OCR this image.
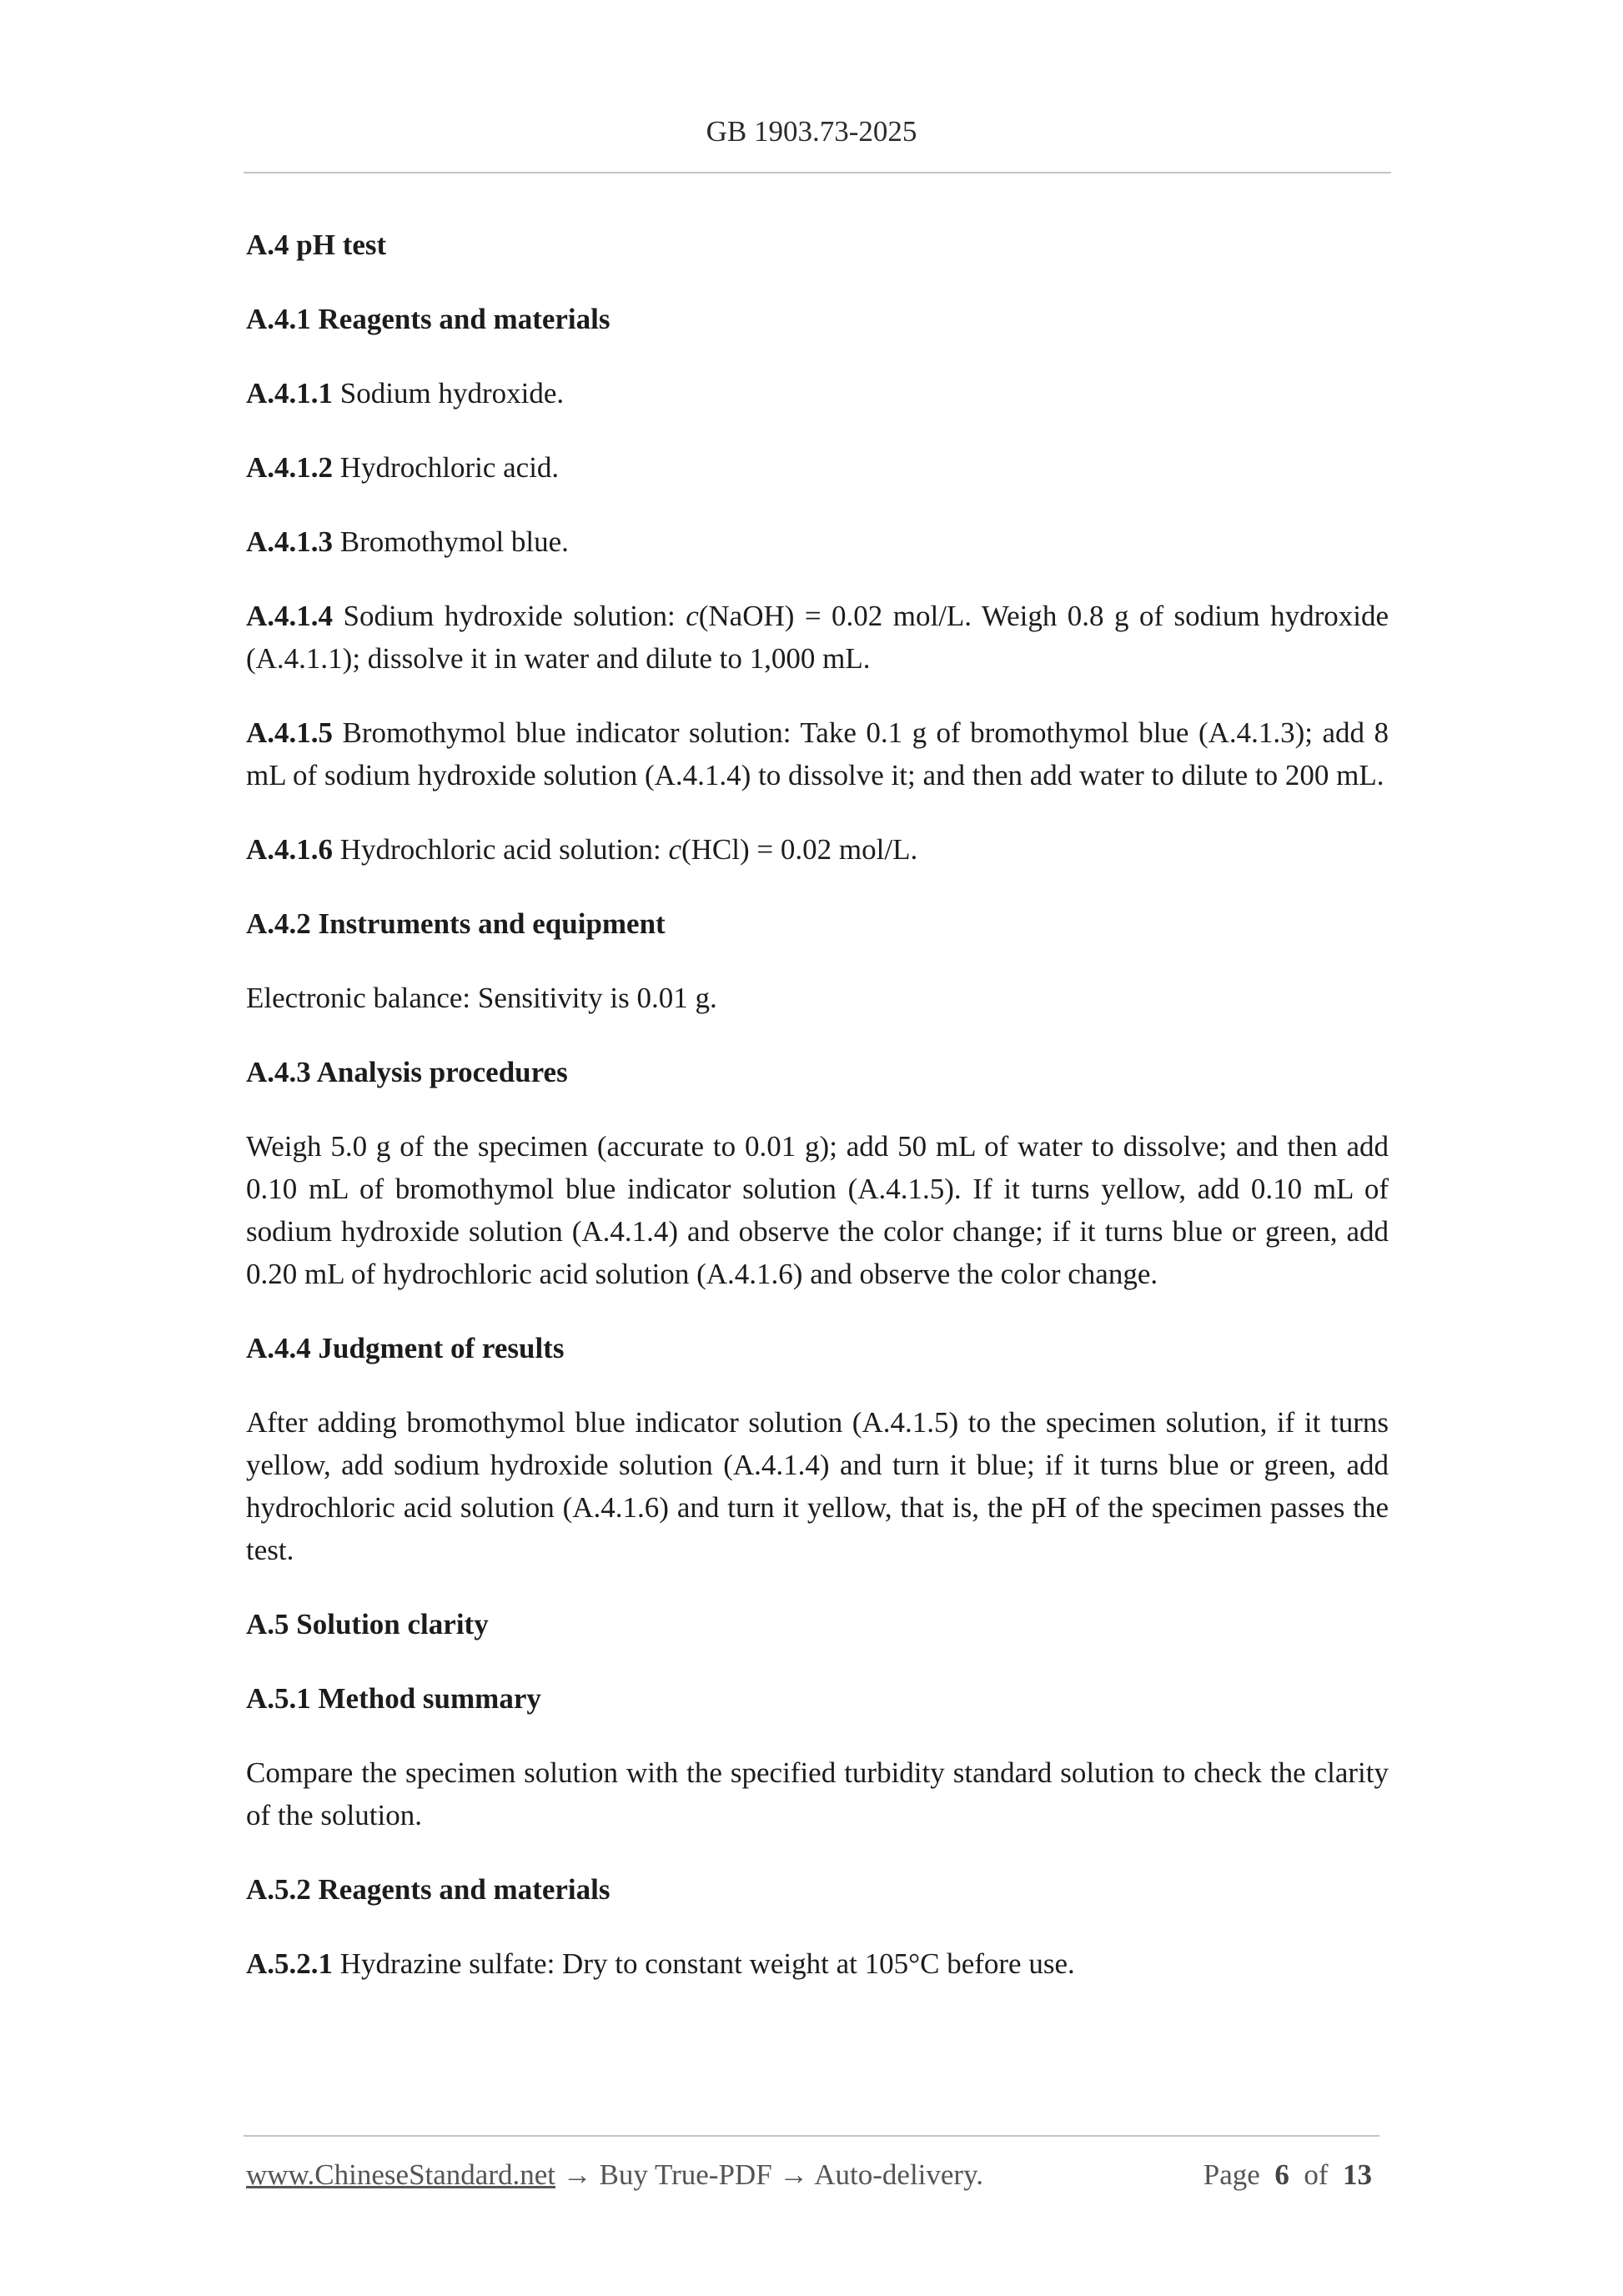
GB 1903.73-2025
A.4 pH test
A.4.1 Reagents and materials
A.4.1.1 Sodium hydroxide.
A.4.1.2 Hydrochloric acid.
A.4.1.3 Bromothymol blue.
A.4.1.4 Sodium hydroxide solution: c(NaOH) = 0.02 mol/L. Weigh 0.8 g of sodium hydroxide (A.4.1.1); dissolve it in water and dilute to 1,000 mL.
A.4.1.5 Bromothymol blue indicator solution: Take 0.1 g of bromothymol blue (A.4.1.3); add 8 mL of sodium hydroxide solution (A.4.1.4) to dissolve it; and then add water to dilute to 200 mL.
A.4.1.6 Hydrochloric acid solution: c(HCl) = 0.02 mol/L.
A.4.2 Instruments and equipment
Electronic balance: Sensitivity is 0.01 g.
A.4.3 Analysis procedures
Weigh 5.0 g of the specimen (accurate to 0.01 g); add 50 mL of water to dissolve; and then add 0.10 mL of bromothymol blue indicator solution (A.4.1.5). If it turns yellow, add 0.10 mL of sodium hydroxide solution (A.4.1.4) and observe the color change; if it turns blue or green, add 0.20 mL of hydrochloric acid solution (A.4.1.6) and observe the color change.
A.4.4 Judgment of results
After adding bromothymol blue indicator solution (A.4.1.5) to the specimen solution, if it turns yellow, add sodium hydroxide solution (A.4.1.4) and turn it blue; if it turns blue or green, add hydrochloric acid solution (A.4.1.6) and turn it yellow, that is, the pH of the specimen passes the test.
A.5 Solution clarity
A.5.1 Method summary
Compare the specimen solution with the specified turbidity standard solution to check the clarity of the solution.
A.5.2 Reagents and materials
A.5.2.1 Hydrazine sulfate: Dry to constant weight at 105°C before use.
www.ChineseStandard.net → Buy True-PDF → Auto-delivery.	Page 6 of 13
